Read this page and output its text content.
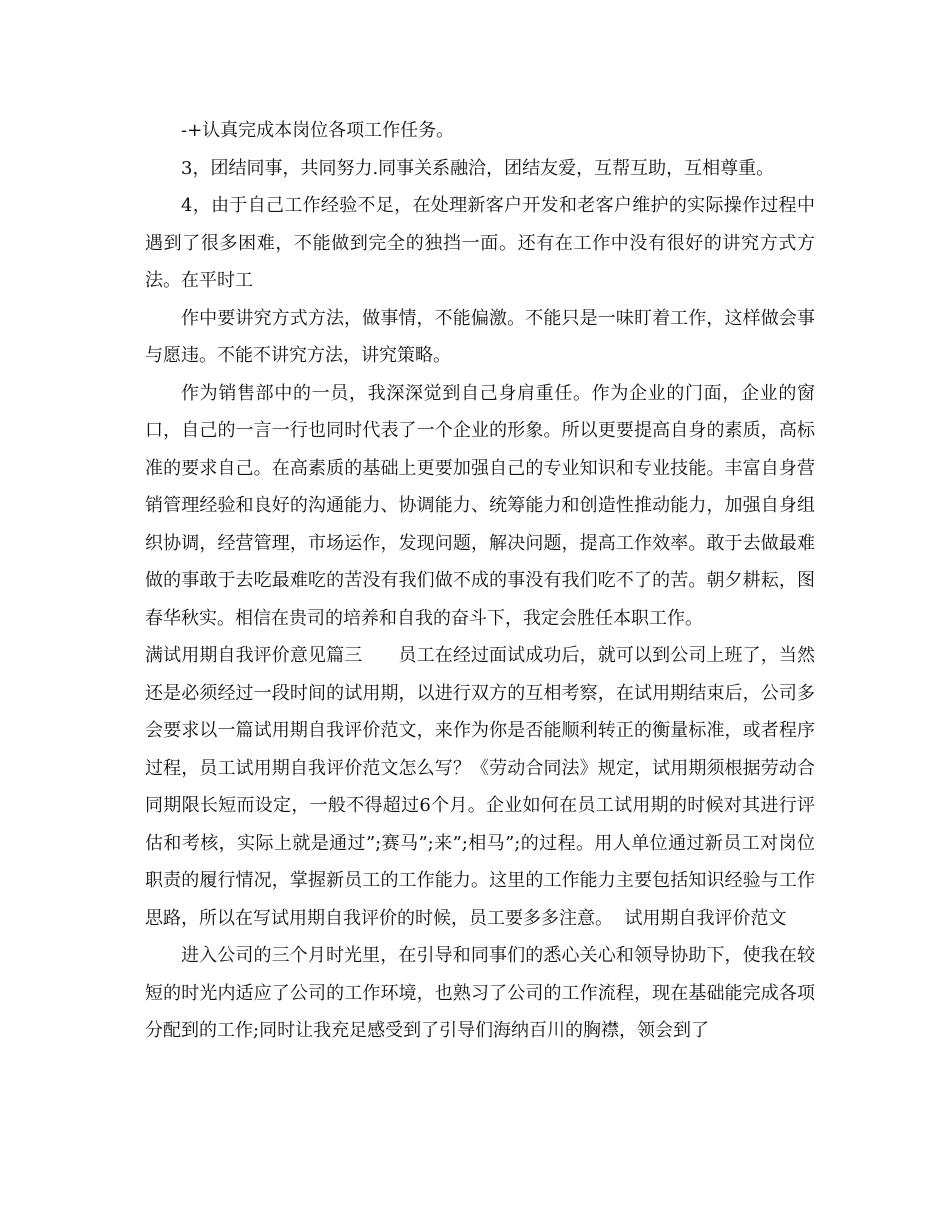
-+认真完成本岗位各项工作任务。

3，团结同事，共同努力.同事关系融洽，团结友爱，互帮互助，互相尊重。

4，由于自己工作经验不足，在处理新客户开发和老客户维护的实际操作过程中遇到了很多困难，不能做到完全的独挡一面。还有在工作中没有很好的讲究方式方法。在平时工

作中要讲究方式方法，做事情，不能偏激。不能只是一味盯着工作，这样做会事与愿违。不能不讲究方法，讲究策略。

作为销售部中的一员，我深深觉到自己身肩重任。作为企业的门面，企业的窗口，自己的一言一行也同时代表了一个企业的形象。所以更要提高自身的素质，高标准的要求自己。在高素质的基础上更要加强自己的专业知识和专业技能。丰富自身营销管理经验和良好的沟通能力、协调能力、统筹能力和创造性推动能力，加强自身组织协调，经营管理，市场运作，发现问题，解决问题，提高工作效率。敢于去做最难做的事敢于去吃最难吃的苦没有我们做不成的事没有我们吃不了的苦。朝夕耕耘，图春华秋实。相信在贵司的培养和自我的奋斗下，我定会胜任本职工作。

满试用期自我评价意见篇三 员工在经过面试成功后，就可以到公司上班了，当然还是必须经过一段时间的试用期，以进行双方的互相考察，在试用期结束后，公司多会要求以一篇试用期自我评价范文，来作为你是否能顺利转正的衡量标准，或者程序过程，员工试用期自我评价范文怎么写？《劳动合同法》规定，试用期须根据劳动合同期限长短而设定，一般不得超过6个月。企业如何在员工试用期的时候对其进行评估和考核，实际上就是通过”;赛马”;来”;相马”;的过程。用人单位通过新员工对岗位职责的履行情况，掌握新员工的工作能力。这里的工作能力主要包括知识经验与工作思路，所以在写试用期自我评价的时候，员工要多多注意。 试用期自我评价范文

进入公司的三个月时光里，在引导和同事们的悉心关心和领导协助下，使我在较短的时光内适应了公司的工作环境，也熟习了公司的工作流程，现在基础能完成各项分配到的工作;同时让我充足感受到了引导们海纳百川的胸襟，领会到了
